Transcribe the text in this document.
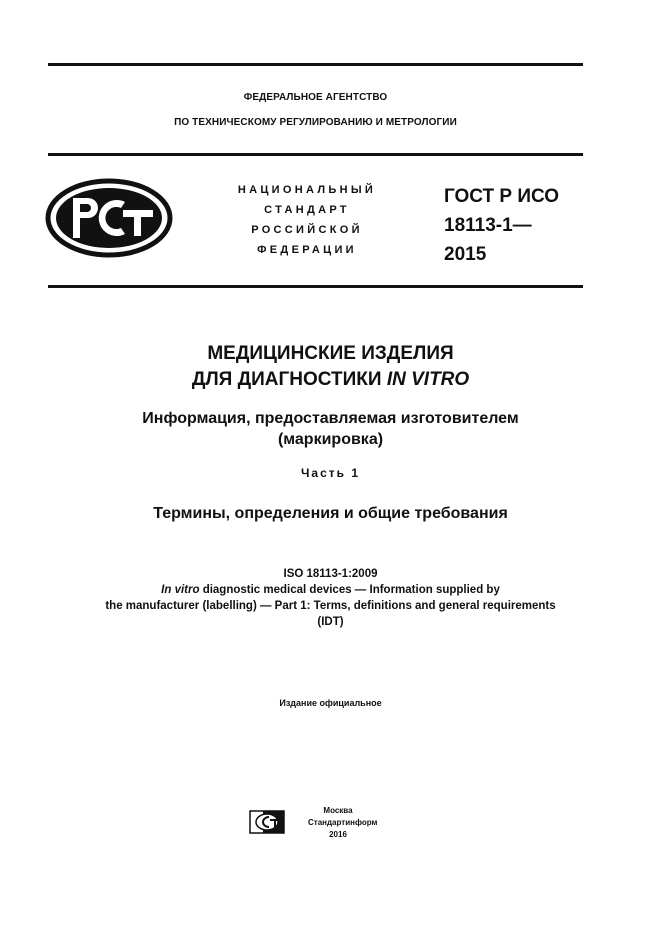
ФЕДЕРАЛЬНОЕ АГЕНТСТВО
ПО ТЕХНИЧЕСКОМУ РЕГУЛИРОВАНИЮ И МЕТРОЛОГИИ
НАЦИОНАЛЬНЫЙ
СТАНДАРТ
РОССИЙСКОЙ
ФЕДЕРАЦИИ
ГОСТ Р ИСО
18113-1—
2015
МЕДИЦИНСКИЕ ИЗДЕЛИЯ
ДЛЯ ДИАГНОСТИКИ IN VITRO
Информация, предоставляемая изготовителем
(маркировка)
Часть 1
Термины, определения и общие требования
ISO 18113-1:2009
In vitro diagnostic medical devices — Information supplied by
the manufacturer (labelling) — Part 1: Terms, definitions and general requirements
(IDT)
Издание официальное
Москва
Стандартинформ
2016
